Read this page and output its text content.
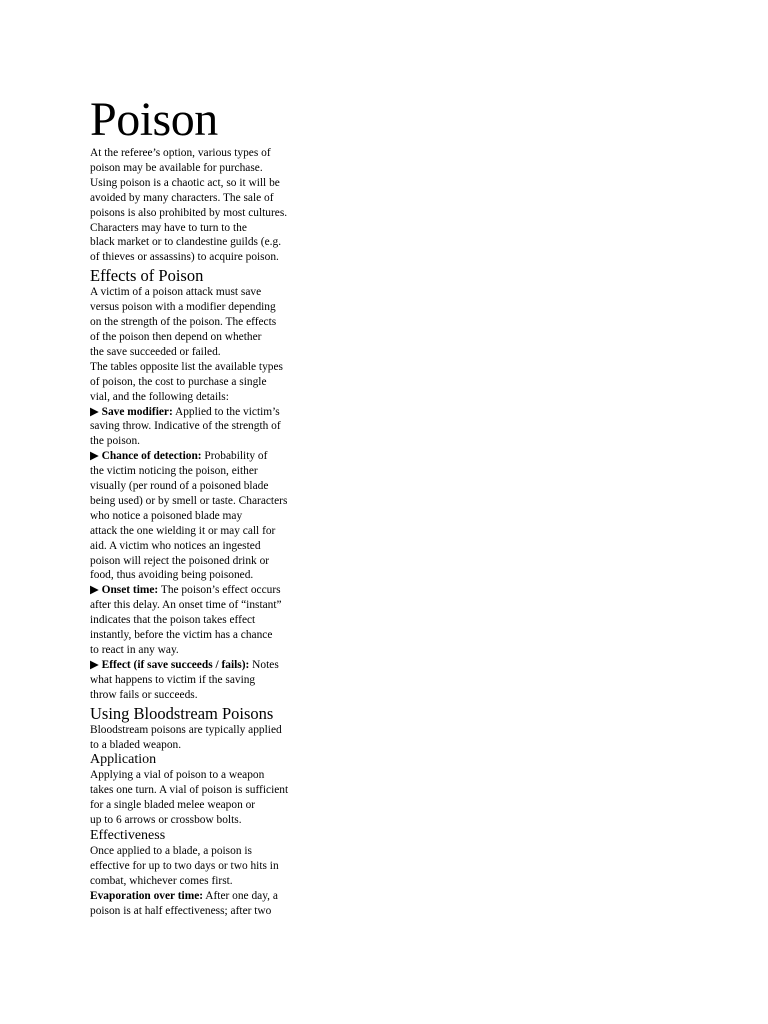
Poison

At the referee’s option, various types of
poison may be available for purchase.
Using poison is a chaotic act, so it will be
avoided by many characters. The sale of
poisons is also prohibited by most cultures.
Characters may have to turn to the
black market or to clandestine guilds (e.g.
of thieves or assassins) to acquire poison.

Effects of Poison

A victim of a poison attack must save
versus poison with a modifier depending
on the strength of the poison. The effects
of the poison then depend on whether
the save succeeded or failed.

The tables opposite list the available types
of poison, the cost to purchase a single
vial, and the following details:

▶ Save modifier: Applied to the victim’s
saving throw. Indicative of the strength of
the poison.

▶ Chance of detection: Probability of
the victim noticing the poison, either
visually (per round of a poisoned blade
being used) or by smell or taste. Characters
who notice a poisoned blade may
attack the one wielding it or may call for
aid. A victim who notices an ingested
poison will reject the poisoned drink or
food, thus avoiding being poisoned.

▶ Onset time: The poison’s effect occurs
after this delay. An onset time of “instant”
indicates that the poison takes effect
instantly, before the victim has a chance
to react in any way.

▶ Effect (if save succeeds / fails): Notes
what happens to victim if the saving
throw fails or succeeds.

Using Bloodstream Poisons

Bloodstream poisons are typically applied
to a bladed weapon.

Application

Applying a vial of poison to a weapon
takes one turn. A vial of poison is sufficient
for a single bladed melee weapon or
up to 6 arrows or crossbow bolts.

Effectiveness

Once applied to a blade, a poison is
effective for up to two days or two hits in
combat, whichever comes first.

Evaporation over time: After one day, a
poison is at half effectiveness; after two
